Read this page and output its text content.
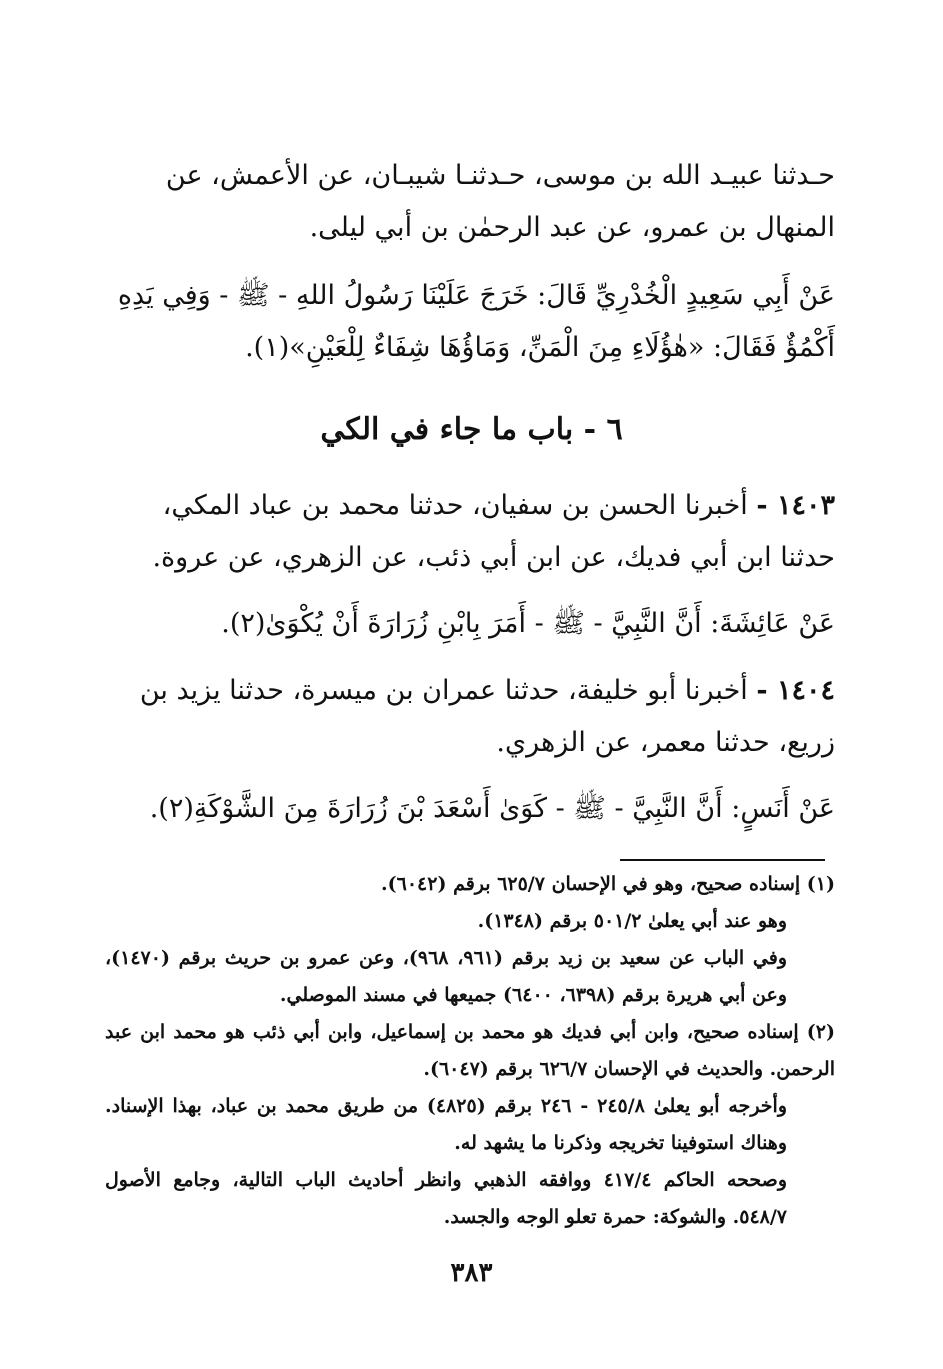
حـدثنا عبيـد الله بن موسى، حـدثنـا شيبـان، عن الأعمش، عن المنهال بن عمرو، عن عبد الرحمٰن بن أبي ليلى.

عَنْ أَبِي سَعِيدٍ الْخُدْرِيِّ قَالَ: خَرَجَ عَلَيْنَا رَسُولُ اللهِ - ﷺ - وَفِي يَدِهِ أَكْمُؤٌ فَقَالَ: «هٰؤُلَاءِ مِنَ الْمَنِّ، وَمَاؤُهَا شِفَاءٌ لِلْعَيْنِ»(١).

٦ - باب ما جاء في الكي

١٤٠٣ - أخبرنا الحسن بن سفيان، حدثنا محمد بن عباد المكي، حدثنا ابن أبي فديك، عن ابن أبي ذئب، عن الزهري، عن عروة.

عَنْ عَائِشَةَ: أَنَّ النَّبِيَّ - ﷺ - أَمَرَ بِابْنِ زُرَارَةَ أَنْ يُكْوَىٰ(٢).

١٤٠٤ - أخبرنا أبو خليفة، حدثنا عمران بن ميسرة، حدثنا يزيد بن زريع، حدثنا معمر، عن الزهري.

عَنْ أَنَسٍ: أَنَّ النَّبِيَّ - ﷺ - كَوَىٰ أَسْعَدَ بْنَ زُرَارَةَ مِنَ الشَّوْكَةِ(٢).

(١) إسناده صحيح، وهو في الإحسان ٦٢٥/٧ برقم (٦٠٤٢).

وهو عند أبي يعلىٰ ٥٠١/٢ برقم (١٣٤٨).

وفي الباب عن سعيد بن زيد برقم (٩٦١، ٩٦٨)، وعن عمرو بن حريث برقم (١٤٧٠)، وعن أبي هريرة برقم (٦٣٩٨، ٦٤٠٠) جميعها في مسند الموصلي.

(٢) إسناده صحيح، وابن أبي فديك هو محمد بن إسماعيل، وابن أبي ذئب هو محمد ابن عبد الرحمن. والحديث في الإحسان ٦٢٦/٧ برقم (٦٠٤٧).

وأخرجه أبو يعلىٰ ٢٤٥/٨ - ٢٤٦ برقم (٤٨٢٥) من طريق محمد بن عباد، بهذا الإسناد. وهناك استوفينا تخريجه وذكرنا ما يشهد له.

وصححه الحاكم ٤١٧/٤ ووافقه الذهبي وانظر أحاديث الباب التالية، وجامع الأصول ٥٤٨/٧. والشوكة: حمرة تعلو الوجه والجسد.

٣٨٣
